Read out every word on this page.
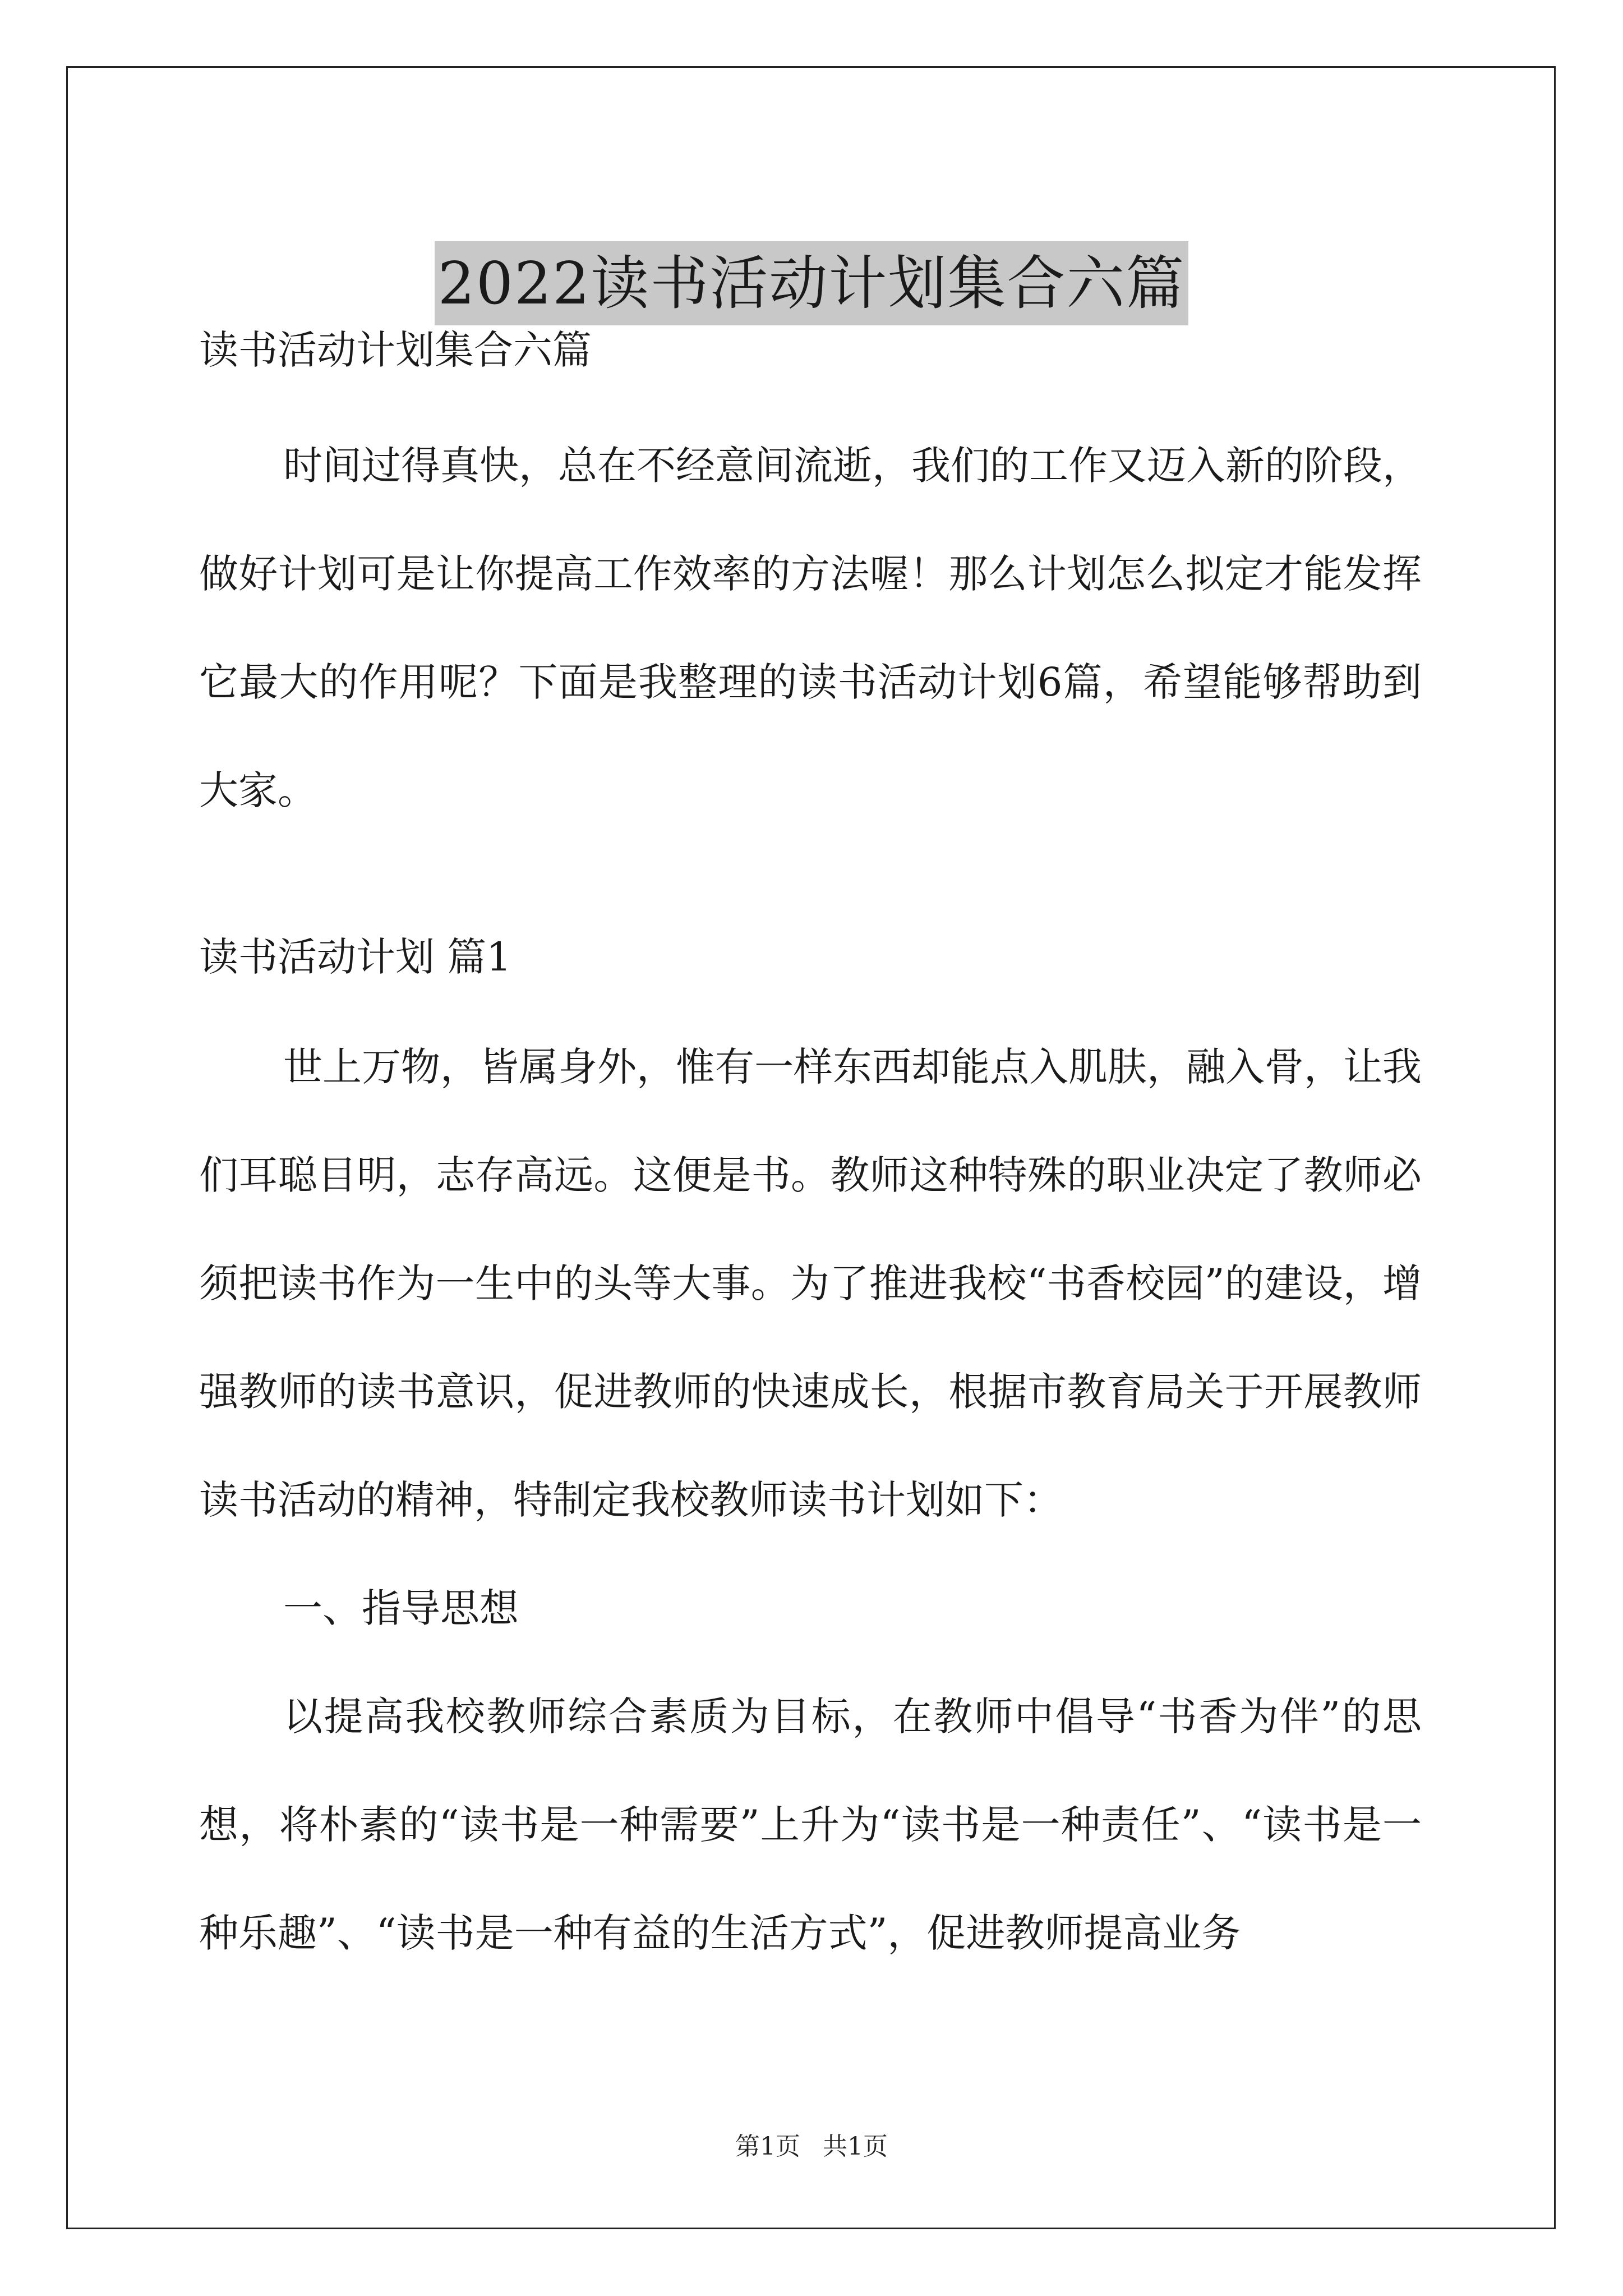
2022读书活动计划集合六篇

读书活动计划集合六篇

时间过得真快，总在不经意间流逝，我们的工作又迈入新的阶段，做好计划可是让你提高工作效率的方法喔！那么计划怎么拟定才能发挥它最大的作用呢？下面是我整理的读书活动计划6篇，希望能够帮助到大家。

读书活动计划 篇1

世上万物，皆属身外，惟有一样东西却能点入肌肤，融入骨，让我们耳聪目明，志存高远。这便是书。教师这种特殊的职业决定了教师必须把读书作为一生中的头等大事。为了推进我校“书香校园”的建设，增强教师的读书意识，促进教师的快速成长，根据市教育局关于开展教师读书活动的精神，特制定我校教师读书计划如下：

一、指导思想

以提高我校教师综合素质为目标，在教师中倡导“书香为伴”的思想，将朴素的“读书是一种需要”上升为“读书是一种责任”、“读书是一种乐趣”、“读书是一种有益的生活方式”，促进教师提高业务

第1页 共1页
